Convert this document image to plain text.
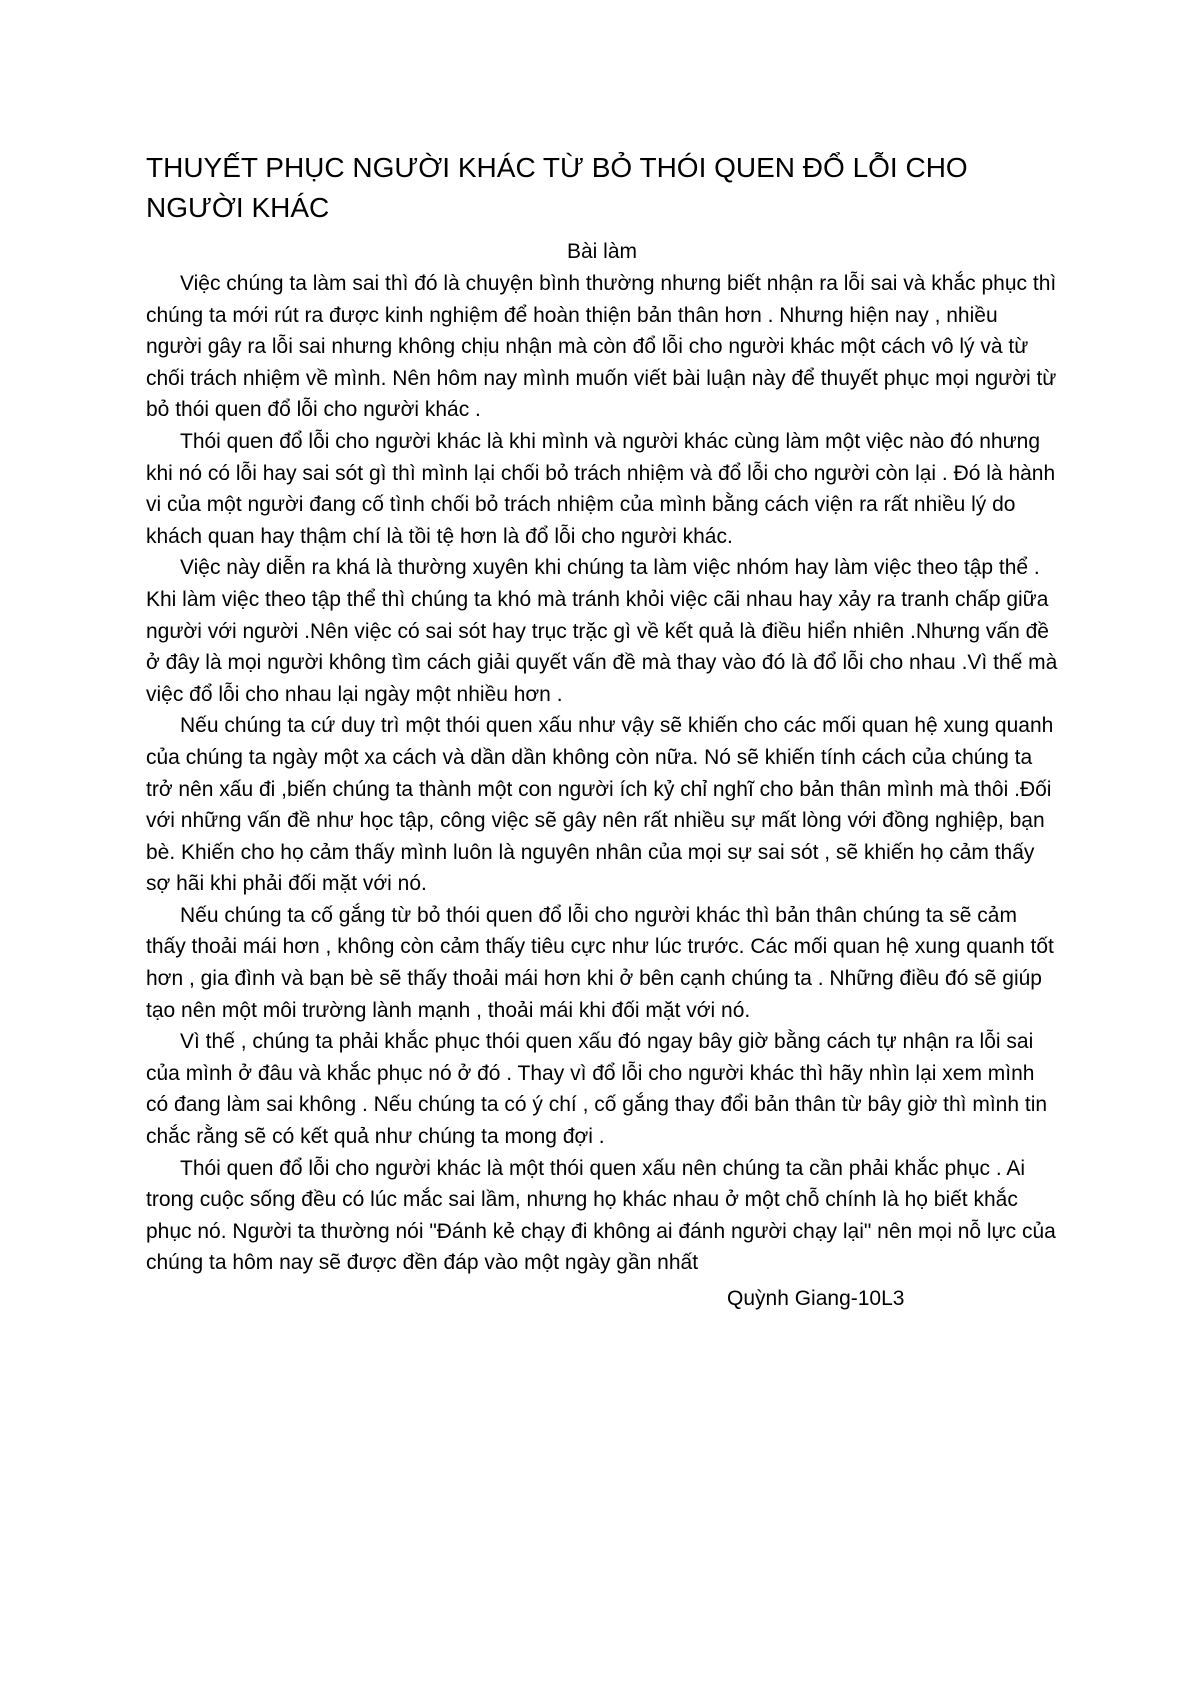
THUYẾT PHỤC NGƯỜI KHÁC TỪ BỎ THÓI QUEN ĐỔ LỖI CHO NGƯỜI KHÁC
Bài làm

Việc chúng ta làm sai thì đó là chuyện bình thường nhưng biết nhận ra lỗi sai và khắc phục thì chúng ta mới rút ra được kinh nghiệm để hoàn thiện bản thân hơn . Nhưng hiện nay , nhiều người gây ra lỗi sai nhưng không chịu nhận mà còn đổ lỗi cho người khác một cách vô lý và từ chối trách nhiệm về mình. Nên hôm nay mình muốn viết bài luận này để thuyết phục mọi người từ bỏ thói quen đổ lỗi cho người khác .

Thói quen đổ lỗi cho người khác là khi mình và người khác cùng làm một việc nào đó nhưng khi nó có lỗi hay sai sót gì thì mình lại chối bỏ trách nhiệm và đổ lỗi cho người còn lại . Đó là hành vi của một người đang cố tình chối bỏ trách nhiệm của mình bằng cách viện ra rất nhiều lý do khách quan hay thậm chí là tồi tệ hơn là đổ lỗi cho người khác.

Việc này diễn ra khá là thường xuyên khi chúng ta làm việc nhóm hay làm việc theo tập thể . Khi làm việc theo tập thể thì chúng ta khó mà tránh khỏi việc cãi nhau hay xảy ra tranh chấp giữa người với người .Nên việc có sai sót hay trục trặc gì về kết quả là điều hiển nhiên .Nhưng vấn đề ở đây là mọi người không tìm cách giải quyết vấn đề mà thay vào đó là đổ lỗi cho nhau .Vì thế mà việc đổ lỗi cho nhau lại ngày một nhiều hơn .

Nếu chúng ta cứ duy trì một thói quen xấu như vậy sẽ khiến cho các mối quan hệ xung quanh của chúng ta ngày một xa cách và dần dần không còn nữa. Nó sẽ khiến tính cách của chúng ta trở nên xấu đi ,biến chúng ta thành một con người ích kỷ chỉ nghĩ cho bản thân mình mà thôi .Đối với những vấn đề như học tập, công việc sẽ gây nên rất nhiều sự mất lòng với đồng nghiệp, bạn bè. Khiến cho họ cảm thấy mình luôn là nguyên nhân của mọi sự sai sót , sẽ khiến họ cảm thấy sợ hãi khi phải đối mặt với nó.

Nếu chúng ta cố gắng từ bỏ thói quen đổ lỗi cho người khác thì bản thân chúng ta sẽ cảm thấy thoải mái hơn , không còn cảm thấy tiêu cực như lúc trước. Các mối quan hệ xung quanh tốt hơn , gia đình và bạn bè sẽ thấy thoải mái hơn khi ở bên cạnh chúng ta . Những điều đó sẽ giúp tạo nên một môi trường lành mạnh , thoải mái khi đối mặt với nó.

Vì thế , chúng ta phải khắc phục thói quen xấu đó ngay bây giờ bằng cách tự nhận ra lỗi sai của mình ở đâu và khắc phục nó ở đó . Thay vì đổ lỗi cho người khác thì hãy nhìn lại xem mình có đang làm sai không . Nếu chúng ta có ý chí , cố gắng thay đổi bản thân từ bây giờ thì mình tin chắc rằng sẽ có kết quả như chúng ta mong đợi .

Thói quen đổ lỗi cho người khác là một thói quen xấu nên chúng ta cần phải khắc phục . Ai trong cuộc sống đều có lúc mắc sai lầm, nhưng họ khác nhau ở một chỗ chính là họ biết khắc phục nó. Người ta thường nói "Đánh kẻ chạy đi không ai đánh người chạy lại" nên mọi nỗ lực của chúng ta hôm nay sẽ được đền đáp vào một ngày gần nhất

Quỳnh Giang-10L3
